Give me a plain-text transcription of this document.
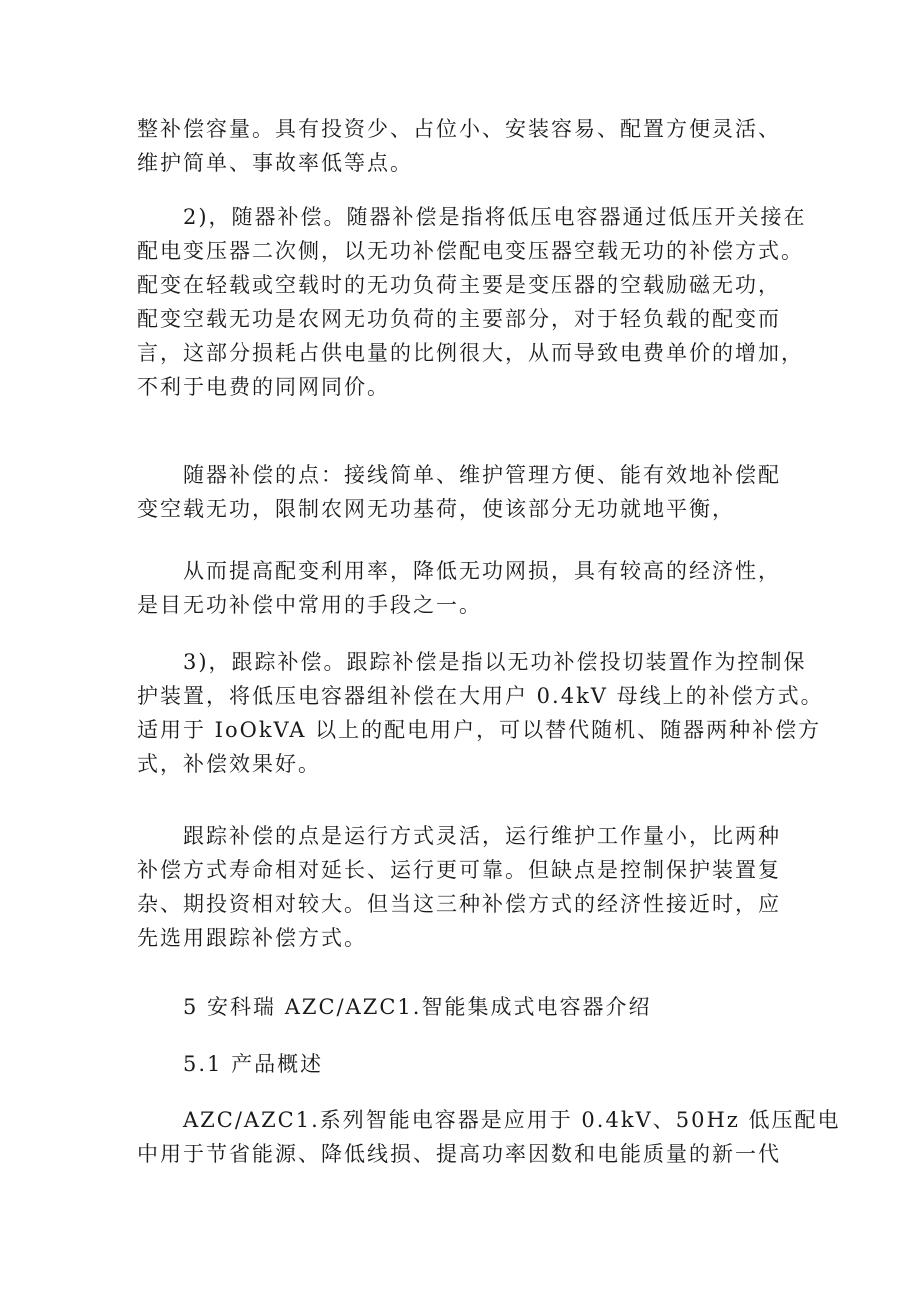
整补偿容量。具有投资少、占位小、安装容易、配置方便灵活、
维护简单、事故率低等点。

2)，随器补偿。随器补偿是指将低压电容器通过低压开关接在
配电变压器二次侧，以无功补偿配电变压器空载无功的补偿方式。
配变在轻载或空载时的无功负荷主要是变压器的空载励磁无功，
配变空载无功是农网无功负荷的主要部分，对于轻负载的配变而
言，这部分损耗占供电量的比例很大，从而导致电费单价的增加，
不利于电费的同网同价。

随器补偿的点：接线简单、维护管理方便、能有效地补偿配
变空载无功，限制农网无功基荷，使该部分无功就地平衡，

从而提高配变利用率，降低无功网损，具有较高的经济性，
是目无功补偿中常用的手段之一。

3)，跟踪补偿。跟踪补偿是指以无功补偿投切装置作为控制保
护装置，将低压电容器组补偿在大用户 0.4kV 母线上的补偿方式。
适用于 IoOkVA 以上的配电用户，可以替代随机、随器两种补偿方
式，补偿效果好。

跟踪补偿的点是运行方式灵活，运行维护工作量小，比两种
补偿方式寿命相对延长、运行更可靠。但缺点是控制保护装置复
杂、期投资相对较大。但当这三种补偿方式的经济性接近时，应
先选用跟踪补偿方式。

5 安科瑞 AZC/AZC1.智能集成式电容器介绍

5.1 产品概述

AZC/AZC1.系列智能电容器是应用于 0.4kV、50Hz 低压配电
中用于节省能源、降低线损、提高功率因数和电能质量的新一代
